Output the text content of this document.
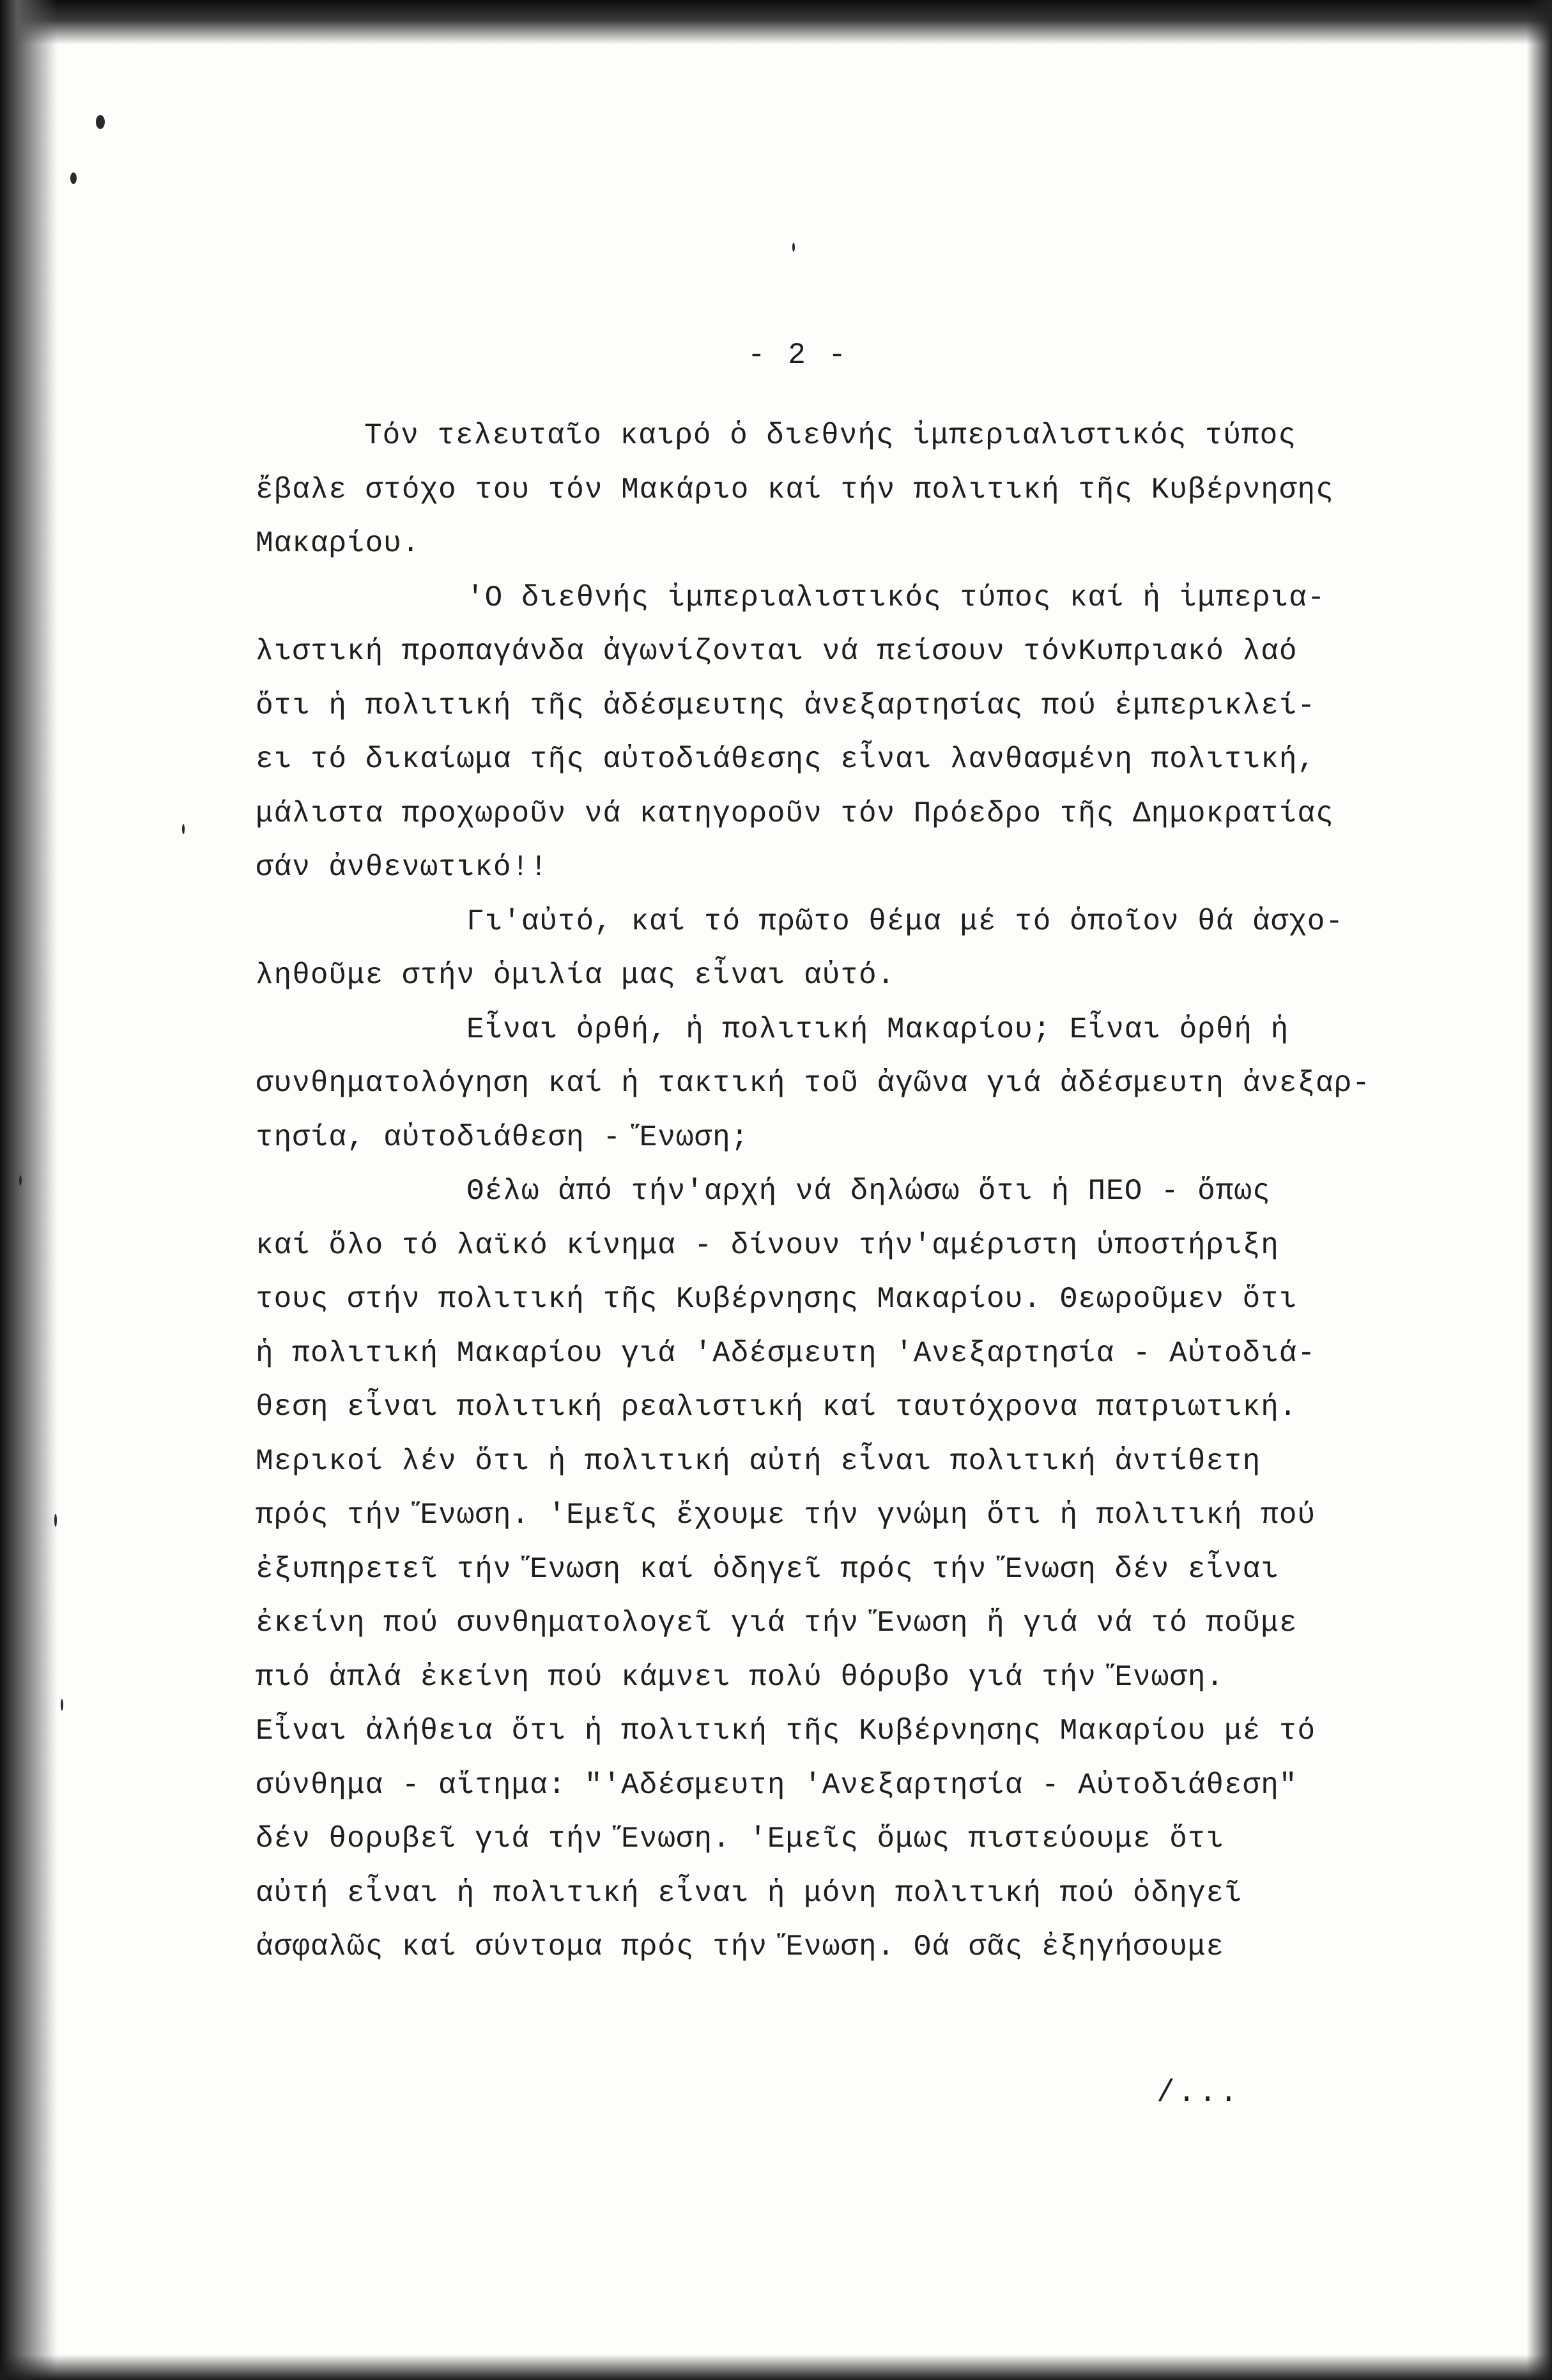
- 2 -
Τόν τελευταῖο καιρό ὁ διεθνής ἰμπεριαλιστικός τύπος
ἔβαλε στόχο του τόν Μακάριο καί τήν πολιτική τῆς Κυβέρνησης
Μακαρίου.
'Ο διεθνής ἰμπεριαλιστικός τύπος καί ἡ ἰμπερια-
λιστική προπαγάνδα ἀγωνίζονται νά πείσουν τόνΚυπριακό λαό
ὅτι ἡ πολιτική τῆς ἀδέσμευτης ἀνεξαρτησίας πού ἐμπερικλεί-
ει τό δικαίωμα τῆς αὐτοδιάθεσης εἶναι λανθασμένη πολιτική,
μάλιστα προχωροῦν νά κατηγοροῦν τόν Πρόεδρο τῆς Δημοκρατίας
σάν ἀνθενωτικό!!
Γι'αὐτό, καί τό πρῶτο θέμα μέ τό ὁποῖον θά ἀσχο-
ληθοῦμε στήν ὁμιλία μας εἶναι αὐτό.
Εἶναι ὀρθή, ἡ πολιτική Μακαρίου; Εἶναι ὀρθή ἡ
συνθηματολόγηση καί ἡ τακτική τοῦ ἀγῶνα γιά ἀδέσμευτη ἀνεξαρ-
τησία, αὐτοδιάθεση - Ἕνωση;
Θέλω ἀπό τήν'αρχή νά δηλώσω ὅτι ἡ ΠΕΟ - ὅπως
καί ὅλο τό λαϊκό κίνημα - δίνουν τήν'αμέριστη ὑποστήριξη
τους στήν πολιτική τῆς Κυβέρνησης Μακαρίου. Θεωροῦμεν ὅτι
ἡ πολιτική Μακαρίου γιά 'Αδέσμευτη 'Ανεξαρτησία - Αὐτοδιά-
θεση εἶναι πολιτική ρεαλιστική καί ταυτόχρονα πατριωτική.
Μερικοί λέν ὅτι ἡ πολιτική αὐτή εἶναι πολιτική ἀντίθετη
πρός τήν Ἕνωση. 'Εμεῖς ἔχουμε τήν γνώμη ὅτι ἡ πολιτική πού
ἐξυπηρετεῖ τήν Ἕνωση καί ὁδηγεῖ πρός τήν Ἕνωση δέν εἶναι
ἐκείνη πού συνθηματολογεῖ γιά τήν Ἕνωση ἤ γιά νά τό ποῦμε
πιό ἁπλά ἐκείνη πού κάμνει πολύ θόρυβο γιά τήν Ἕνωση.
Εἶναι ἀλήθεια ὅτι ἡ πολιτική τῆς Κυβέρνησης Μακαρίου μέ τό
σύνθημα - αἴτημα: "'Αδέσμευτη 'Ανεξαρτησία - Αὐτοδιάθεση"
δέν θορυβεῖ γιά τήν Ἕνωση. 'Εμεῖς ὅμως πιστεύουμε ὅτι
αὐτή εἶναι ἡ πολιτική εἶναι ἡ μόνη πολιτική πού ὁδηγεῖ
ἀσφαλῶς καί σύντομα πρός τήν Ἕνωση. Θά σᾶς ἐξηγήσουμε
/...
